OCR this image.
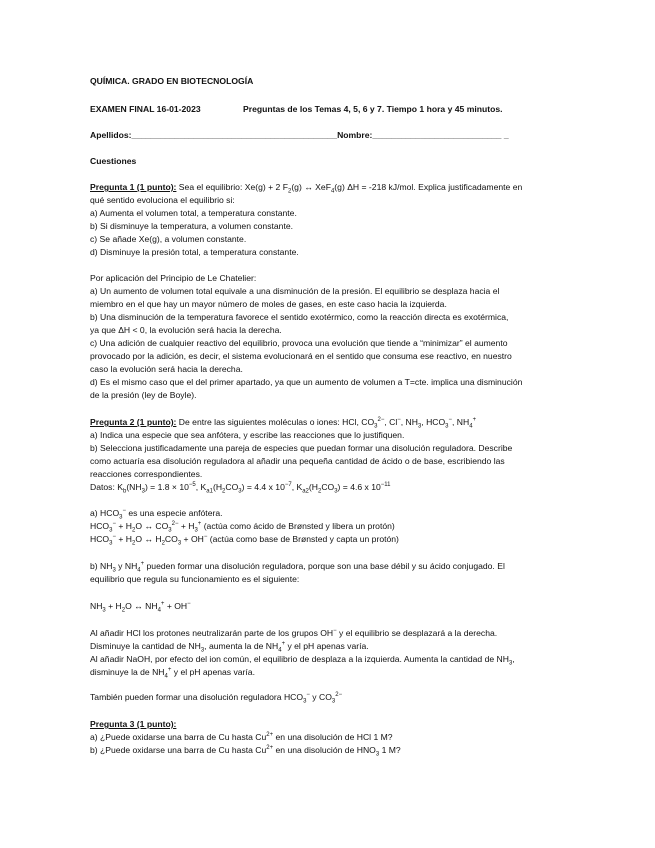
QUÍMICA. GRADO EN BIOTECNOLOGÍA
EXAMEN FINAL 16-01-2023	Preguntas de los Temas 4, 5, 6 y 7. Tiempo 1 hora y 45 minutos.
Apellidos:___________________________________________Nombre:___________________________ _
Cuestiones
Pregunta 1 (1 punto): Sea el equilibrio: Xe(g) + 2 $F_2(g)$ ↔ XeF$_4$(g) ΔH = -218 kJ/mol. Explica justificadamente en
qué sentido evoluciona el equilibrio si:
a) Aumenta el volumen total, a temperatura constante.
b) Si disminuye la temperatura, a volumen constante.
c) Se añade Xe(g), a volumen constante.
d) Disminuye la presión total, a temperatura constante.
Por aplicación del Principio de Le Chatelier:
a) Un aumento de volumen total equivale a una disminución de la presión. El equilibrio se desplaza hacia el
miembro en el que hay un mayor número de moles de gases, en este caso hacia la izquierda.
b) Una disminución de la temperatura favorece el sentido exotérmico, como la reacción directa es exotérmica,
ya que ΔH < 0, la evolución será hacia la derecha.
c) Una adición de cualquier reactivo del equilibrio, provoca una evolución que tiende a “minimizar” el aumento
provocado por la adición, es decir, el sistema evolucionará en el sentido que consuma ese reactivo, en nuestro
caso la evolución será hacia la derecha.
d) Es el mismo caso que el del primer apartado, ya que un aumento de volumen a T=cte. implica una disminución
de la presión (ley de Boyle).
Pregunta 2 (1 punto): De entre las siguientes moléculas o iones: HCl, $CO_3^{2-}$, Cl−, $NH_3$, $HCO_3^-$, $NH_4^+$
a) Indica una especie que sea anfótera, y escribe las reacciones que lo justifiquen.
b) Selecciona justificadamente una pareja de especies que puedan formar una disolución reguladora. Describe
como actuaría esa disolución reguladora al añadir una pequeña cantidad de ácido o de base, escribiendo las
reacciones correspondientes.
Datos: $K_b(NH_3) = 1.8 \times 10^{-5}$, $K_{a1}(H_2CO_3) = 4.4$ x $10^{-7}$, $K_{a2}(H_2CO_3) = 4.6$ x $10^{-11}$
a) $HCO_3^-$ es una especie anfótera.
$HCO_3^- + H_2O$ ↔ $CO_3^{2-} + H_3^+$ (actúa como ácido de Brønsted y libera un protón)
$HCO_3^- + H_2O$ ↔ $H_2CO_3 + OH^-$ (actúa como base de Brønsted y capta un protón)
b) $NH_3$ y $NH_4^+$ pueden formar una disolución reguladora, porque son una base débil y su ácido conjugado. El
equilibrio que regula su funcionamiento es el siguiente:
$NH_3 + H_2O$ ↔ $NH_4^+ + OH^-$
Al añadir HCl los protones neutralizarán parte de los grupos OH− y el equilibrio se desplazará a la derecha.
Disminuye la cantidad de $NH_3$, aumenta la de $NH_4^+$ y el pH apenas varía.
Al añadir NaOH, por efecto del ion común, el equilibrio de desplaza a la izquierda. Aumenta la cantidad de $NH_3$,
disminuye la de $NH_4^+$ y el pH apenas varía.
También pueden formar una disolución reguladora $HCO_3^-$ y $CO_3^{2-}$
Pregunta 3 (1 punto):
a) ¿Puede oxidarse una barra de Cu hasta $Cu^{2+}$ en una disolución de HCl 1 M?
b) ¿Puede oxidarse una barra de Cu hasta $Cu^{2+}$ en una disolución de $HNO_3$ 1 M?
